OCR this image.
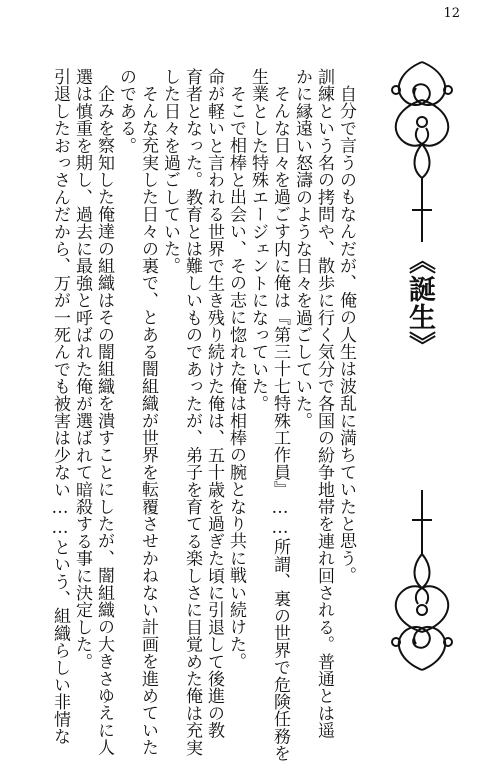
12
《誕生》
自分で言うのもなんだが、俺の人生は波乱に満ちていたと思う。
訓練という名の拷問や、散歩に行く気分で各国の紛争地帯を連れ回される。普通とは遥
かに縁遠い怒濤のような日々を過ごしていた。
そんな日々を過ごす内に俺は『第三十七特殊工作員』……所謂、裏の世界で危険任務を
生業とした特殊エージェントになっていた。
そこで相棒と出会い、その志に惚れた俺は相棒の腕となり共に戦い続けた。
命が軽いと言われる世界で生き残り続けた俺は、五十歳を過ぎた頃に引退して後進の教
育者となった。教育とは難しいものであったが、弟子を育てる楽しさに目覚めた俺は充実
した日々を過ごしていた。
そんな充実した日々の裏で、とある闇組織が世界を転覆させかねない計画を進めていた
のである。
企みを察知した俺達の組織はその闇組織を潰すことにしたが、闇組織の大きさゆえに人
選は慎重を期し、過去に最強と呼ばれた俺が選ばれて暗殺する事に決定した。
引退したおっさんだから、万が一死んでも被害は少ない……という、組織らしい非情な
